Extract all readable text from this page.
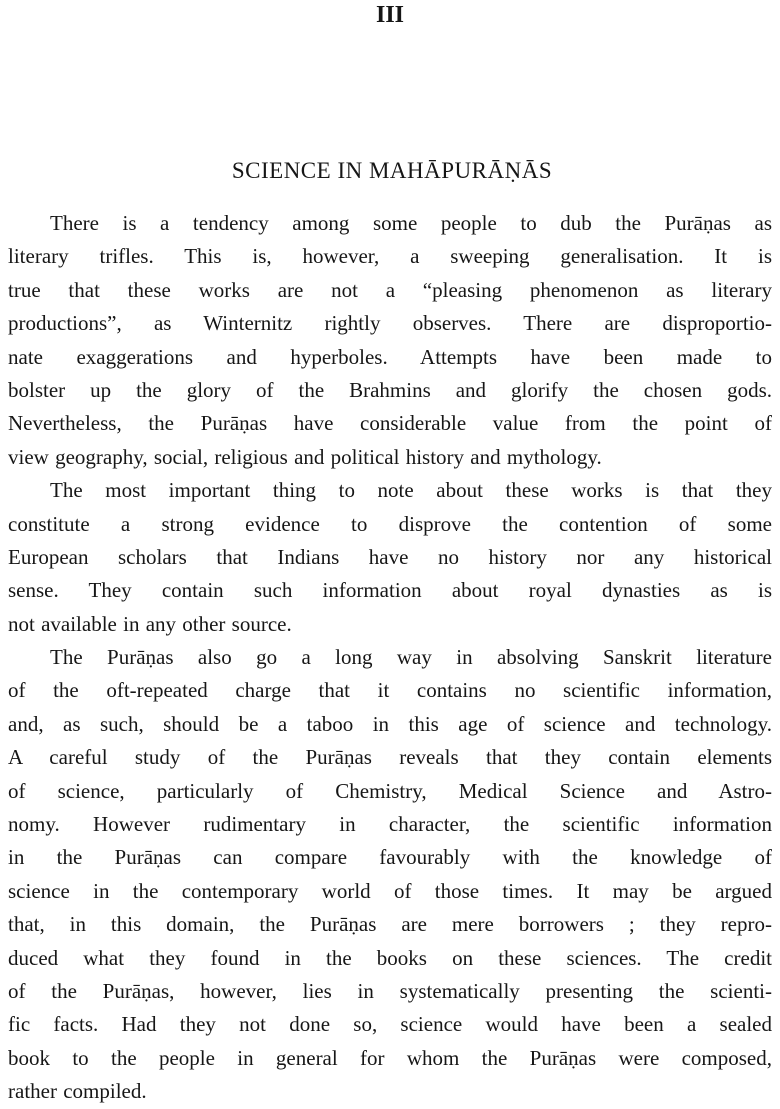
III
SCIENCE IN MAHĀPURĀṆĀS
There is a tendency among some people to dub the Purāṇas as
literary trifles. This is, however, a sweeping generalisation. It is
true that these works are not a “pleasing phenomenon as literary
productions”, as Winternitz rightly observes. There are disproportio-
nate exaggerations and hyperboles. Attempts have been made to
bolster up the glory of the Brahmins and glorify the chosen gods.
Nevertheless, the Purāṇas have considerable value from the point of
view geography, social, religious and political history and mythology.
The most important thing to note about these works is that they
constitute a strong evidence to disprove the contention of some
European scholars that Indians have no history nor any historical
sense. They contain such information about royal dynasties as is
not available in any other source.
The Purāṇas also go a long way in absolving Sanskrit literature
of the oft-repeated charge that it contains no scientific information,
and, as such, should be a taboo in this age of science and technology.
A careful study of the Purāṇas reveals that they contain elements
of science, particularly of Chemistry, Medical Science and Astro-
nomy. However rudimentary in character, the scientific information
in the Purāṇas can compare favourably with the knowledge of
science in the contemporary world of those times. It may be argued
that, in this domain, the Purāṇas are mere borrowers ; they repro-
duced what they found in the books on these sciences. The credit
of the Purāṇas, however, lies in systematically presenting the scienti-
fic facts. Had they not done so, science would have been a sealed
book to the people in general for whom the Purāṇas were composed,
rather compiled.
